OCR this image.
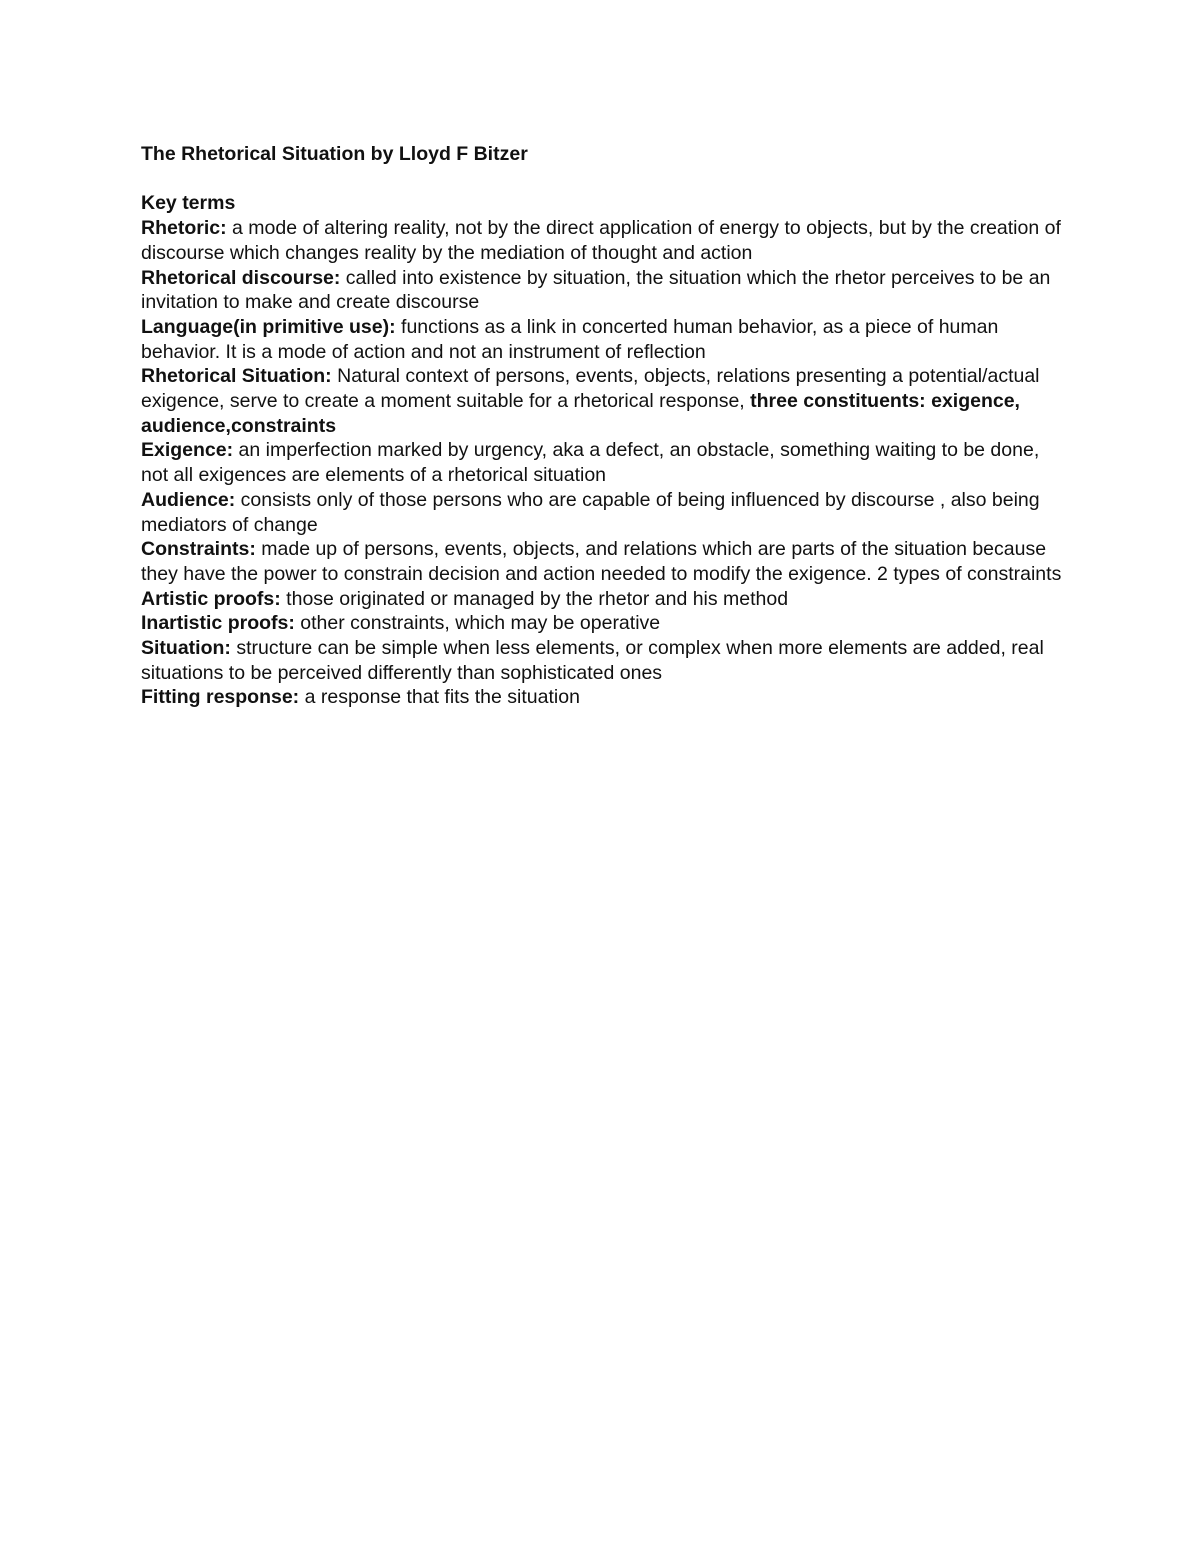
The Rhetorical Situation by Lloyd F Bitzer

Key terms

Rhetoric: a mode of altering reality, not by the direct application of energy to objects, but by the creation of discourse which changes reality by the mediation of thought and action

Rhetorical discourse: called into existence by situation, the situation which the rhetor perceives to be an invitation to make and create discourse

Language(in primitive use): functions as a link in concerted human behavior, as a piece of human behavior. It is a mode of action and not an instrument of reflection

Rhetorical Situation: Natural context of persons, events, objects, relations presenting a potential/actual exigence, serve to create a moment suitable for a rhetorical response, three constituents: exigence, audience,constraints

Exigence: an imperfection marked by urgency, aka a defect, an obstacle, something waiting to be done, not all exigences are elements of a rhetorical situation

Audience: consists only of those persons who are capable of being influenced by discourse , also being mediators of change

Constraints: made up of persons, events, objects, and relations which are parts of the situation because they have the power to constrain decision and action needed to modify the exigence. 2 types of constraints

Artistic proofs: those originated or managed by the rhetor and his method

Inartistic proofs: other constraints, which may be operative

Situation: structure can be simple when less elements, or complex when more elements are added, real situations to be perceived differently than sophisticated ones

Fitting response: a response that fits the situation
